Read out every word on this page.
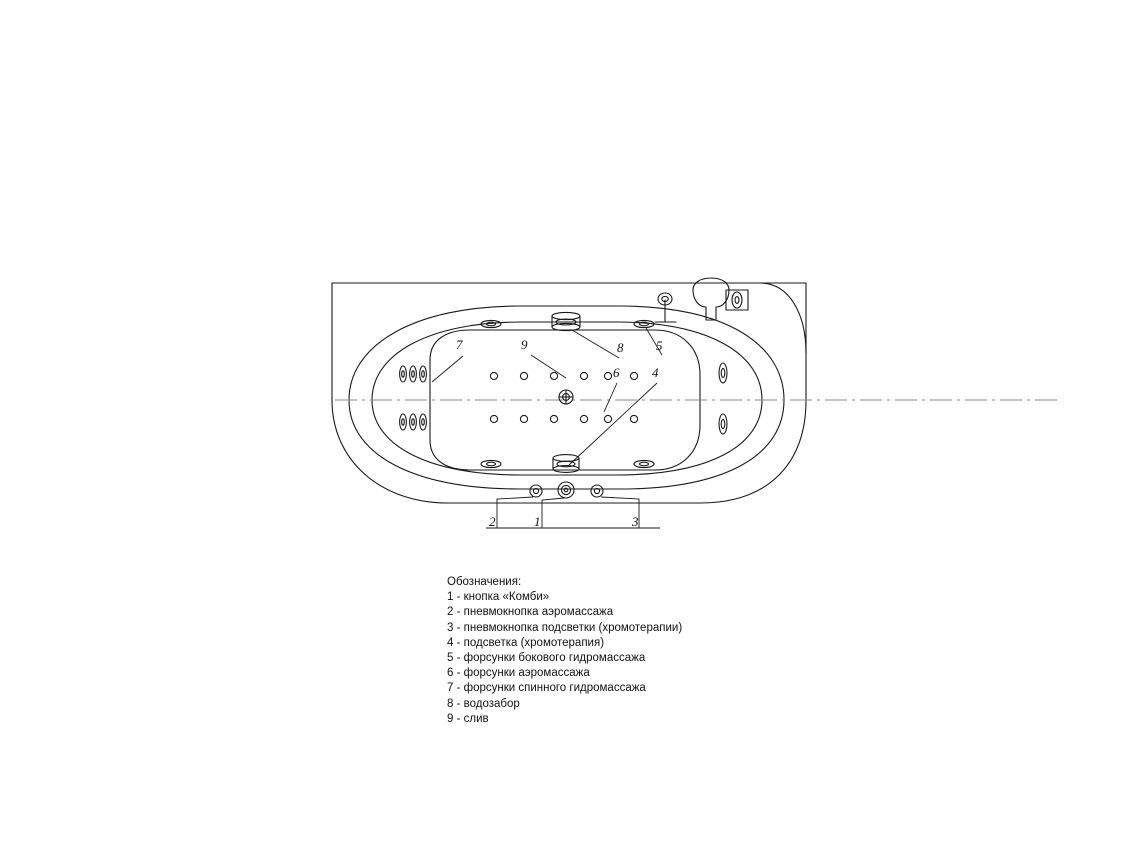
7	9	8	5
6	4
2	1	3
Обозначения:
1 - кнопка «Комби»
2 - пневмокнопка аэромассажа
3 - пневмокнопка подсветки (хромотерапии)
4 - подсветка (хромотерапия)
5 - форсунки бокового гидромассажа
6 - форсунки аэромассажа
7 - форсунки спинного гидромассажа
8 - водозабор
9 - слив
